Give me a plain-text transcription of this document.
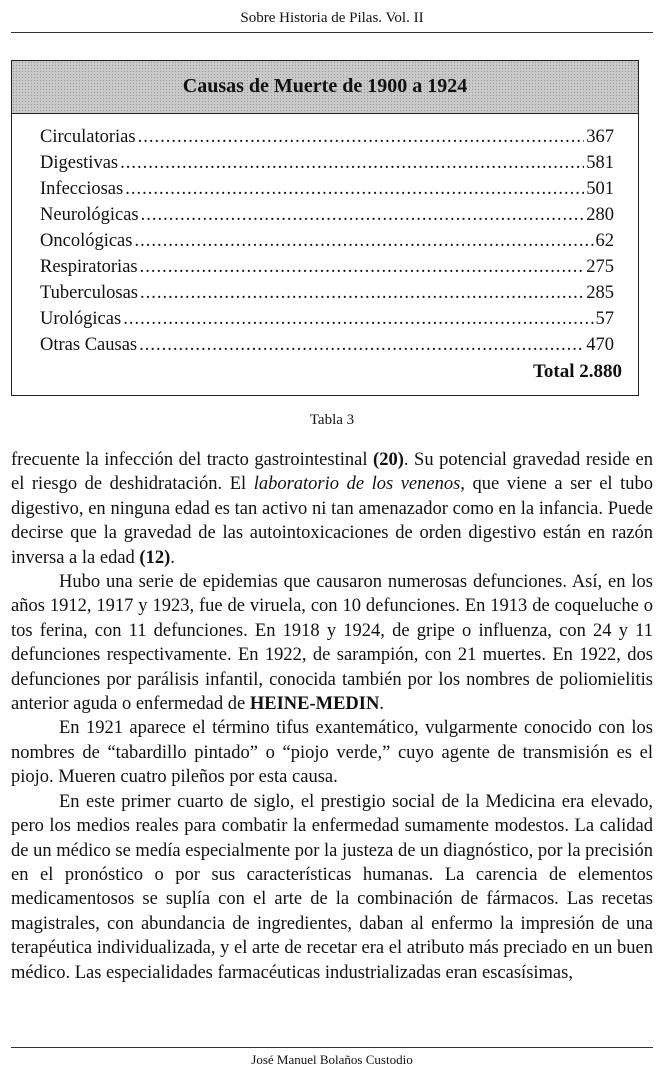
Sobre Historia de Pilas. Vol. II
Causas de Muerte de 1900 a 1924
Circulatorias .....	367
Digestivas .....	581
Infecciosas .....	501
Neurológicas .....	280
Oncológicas .....	62
Respiratorias .....	275
Tuberculosas .....	285
Urológicas .....	57
Otras Causas .....	470
Total 2.880
Tabla 3

frecuente la infección del tracto gastrointestinal (20). Su potencial gravedad reside en el riesgo de deshidratación. El laboratorio de los venenos, que viene a ser el tubo digestivo, en ninguna edad es tan activo ni tan amenazador como en la infancia. Puede decirse que la gravedad de las autointoxicaciones de orden digestivo están en razón inversa a la edad (12).

Hubo una serie de epidemias que causaron numerosas defunciones. Así, en los años 1912, 1917 y 1923, fue de viruela, con 10 defunciones. En 1913 de coqueluche o tos ferina, con 11 defunciones. En 1918 y 1924, de gripe o influenza, con 24 y 11 defunciones respectivamente. En 1922, de sarampión, con 21 muertes. En 1922, dos defunciones por parálisis infantil, conocida también por los nombres de poliomielitis anterior aguda o enfermedad de HEINE-MEDIN.

En 1921 aparece el término tifus exantemático, vulgarmente conocido con los nombres de “tabardillo pintado” o “piojo verde,” cuyo agente de transmisión es el piojo. Mueren cuatro pileños por esta causa.

En este primer cuarto de siglo, el prestigio social de la Medicina era elevado, pero los medios reales para combatir la enfermedad sumamente modestos. La calidad de un médico se medía especialmente por la justeza de un diagnóstico, por la precisión en el pronóstico o por sus características humanas. La carencia de elementos medicamentosos se suplía con el arte de la combinación de fármacos. Las recetas magistrales, con abundancia de ingredientes, daban al enfermo la impresión de una terapéutica individualizada, y el arte de recetar era el atributo más preciado en un buen médico. Las especialidades farmacéuticas industrializadas eran escasísimas,

José Manuel Bolaños Custodio
